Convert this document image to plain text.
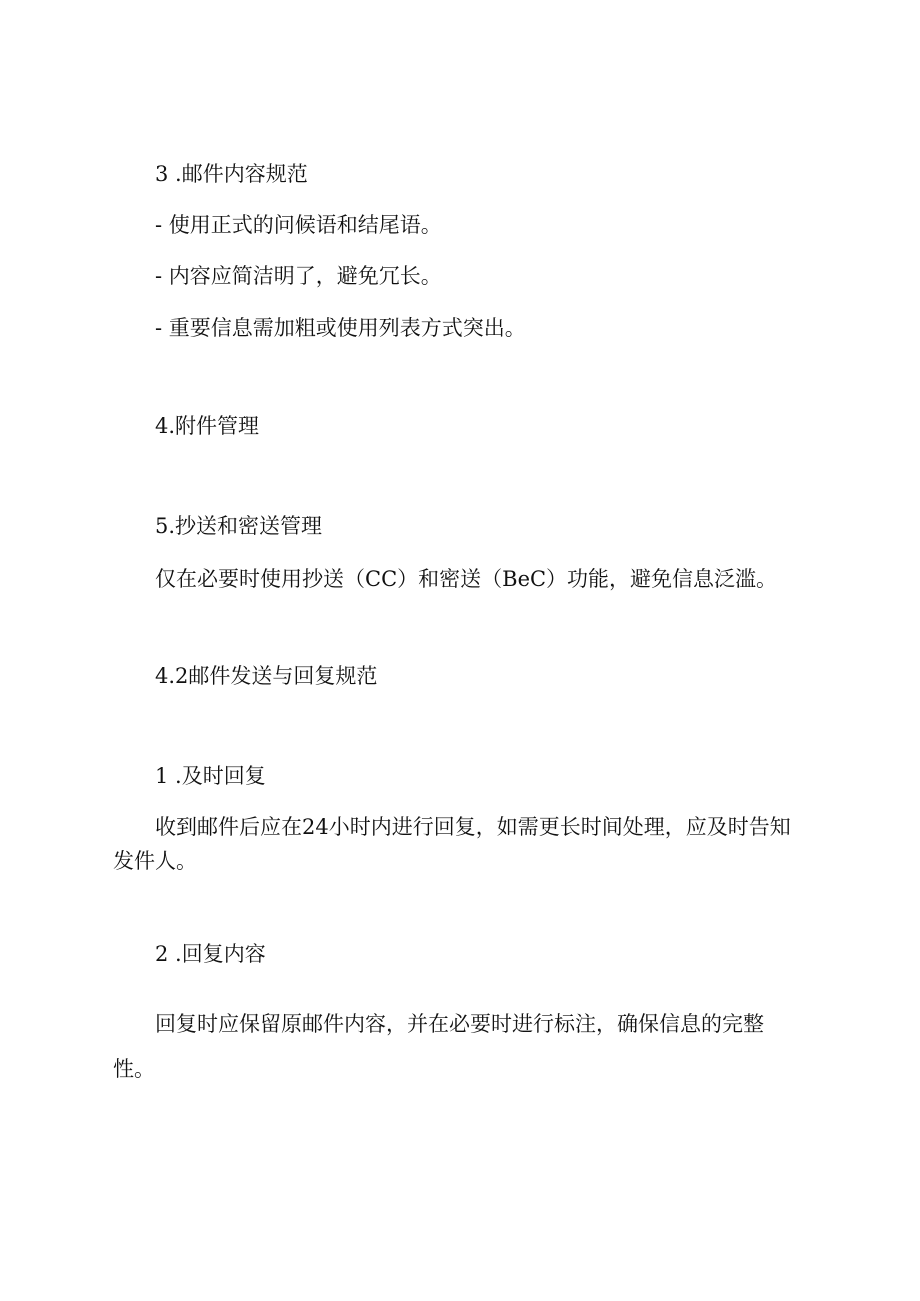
3 .邮件内容规范

- 使用正式的问候语和结尾语。

- 内容应简洁明了，避免冗长。

- 重要信息需加粗或使用列表方式突出。

4.附件管理
5.抄送和密送管理

仅在必要时使用抄送（CC）和密送（BeC）功能，避免信息泛滥。

4.2邮件发送与回复规范
1 .及时回复

收到邮件后应在24小时内进行回复，如需更长时间处理，应及时告知

发件人。

2 .回复内容

回复时应保留原邮件内容，并在必要时进行标注，确保信息的完整

性。
